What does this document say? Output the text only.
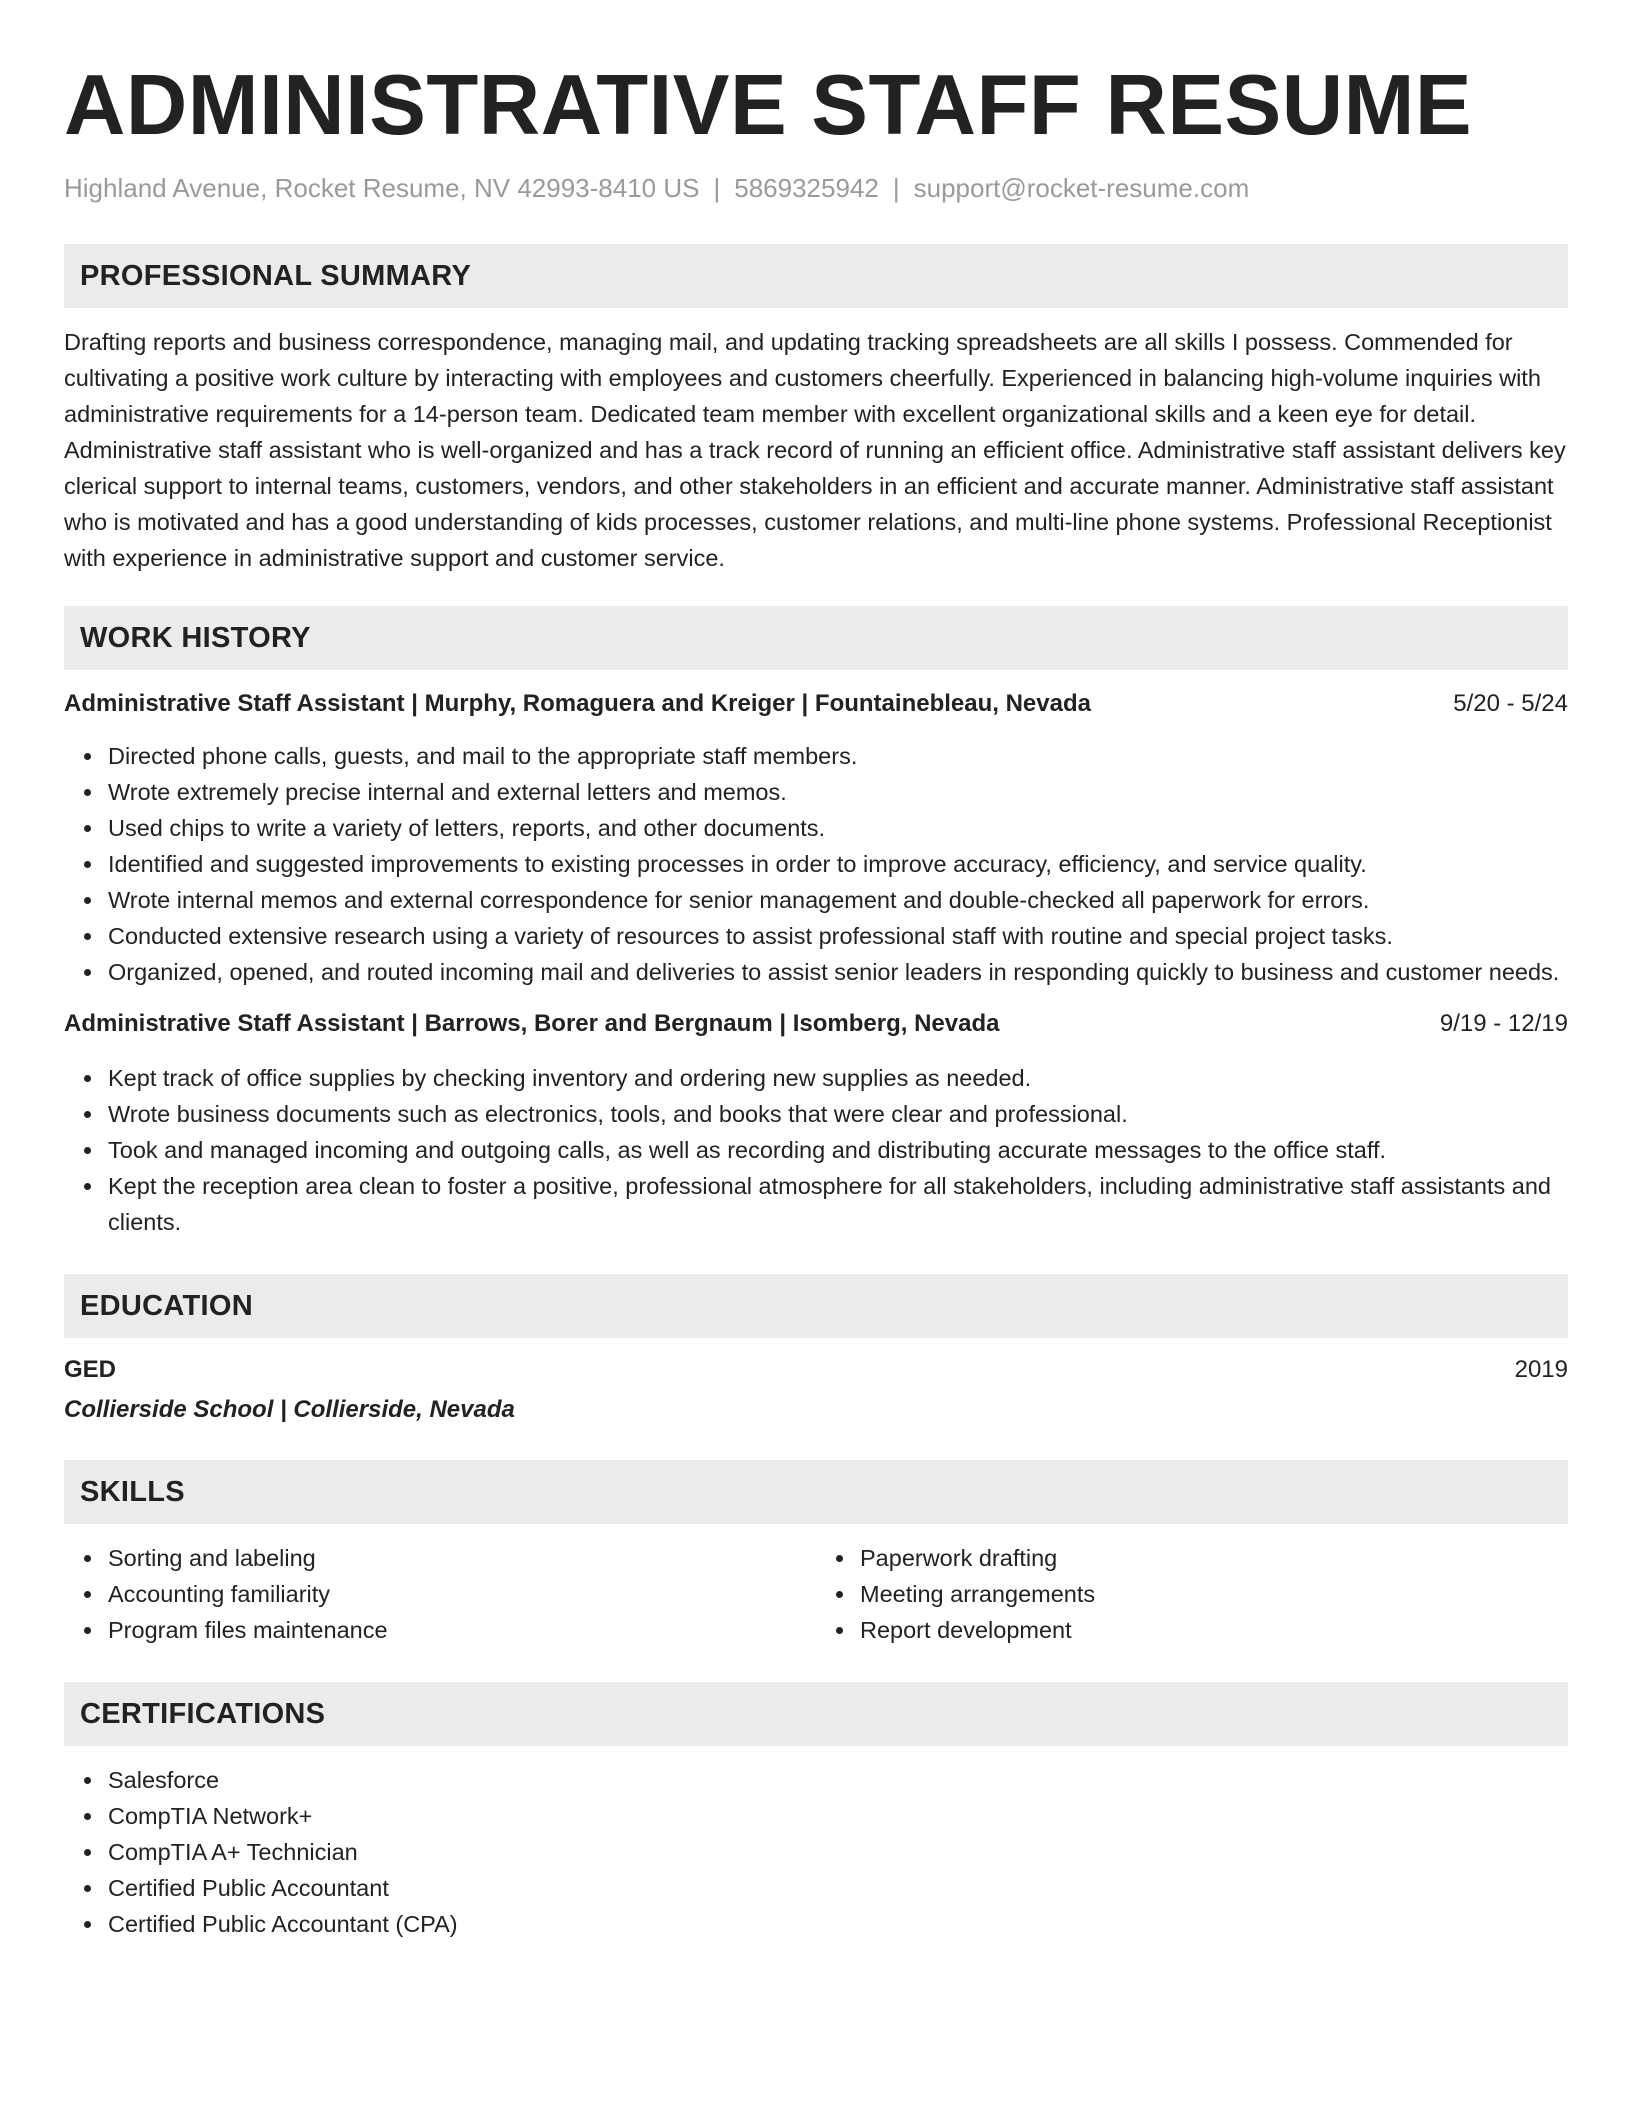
ADMINISTRATIVE STAFF RESUME
Highland Avenue, Rocket Resume, NV 42993-8410 US | 5869325942 | support@rocket-resume.com
PROFESSIONAL SUMMARY
Drafting reports and business correspondence, managing mail, and updating tracking spreadsheets are all skills I possess. Commended for cultivating a positive work culture by interacting with employees and customers cheerfully. Experienced in balancing high-volume inquiries with administrative requirements for a 14-person team. Dedicated team member with excellent organizational skills and a keen eye for detail. Administrative staff assistant who is well-organized and has a track record of running an efficient office. Administrative staff assistant delivers key clerical support to internal teams, customers, vendors, and other stakeholders in an efficient and accurate manner. Administrative staff assistant who is motivated and has a good understanding of kids processes, customer relations, and multi-line phone systems. Professional Receptionist with experience in administrative support and customer service.
WORK HISTORY
Administrative Staff Assistant | Murphy, Romaguera and Kreiger | Fountainebleau, Nevada	5/20 - 5/24
Directed phone calls, guests, and mail to the appropriate staff members.
Wrote extremely precise internal and external letters and memos.
Used chips to write a variety of letters, reports, and other documents.
Identified and suggested improvements to existing processes in order to improve accuracy, efficiency, and service quality.
Wrote internal memos and external correspondence for senior management and double-checked all paperwork for errors.
Conducted extensive research using a variety of resources to assist professional staff with routine and special project tasks.
Organized, opened, and routed incoming mail and deliveries to assist senior leaders in responding quickly to business and customer needs.
Administrative Staff Assistant | Barrows, Borer and Bergnaum | Isomberg, Nevada	9/19 - 12/19
Kept track of office supplies by checking inventory and ordering new supplies as needed.
Wrote business documents such as electronics, tools, and books that were clear and professional.
Took and managed incoming and outgoing calls, as well as recording and distributing accurate messages to the office staff.
Kept the reception area clean to foster a positive, professional atmosphere for all stakeholders, including administrative staff assistants and clients.
EDUCATION
GED	2019
Collierside School | Collierside, Nevada
SKILLS
Sorting and labeling
Accounting familiarity
Program files maintenance
Paperwork drafting
Meeting arrangements
Report development
CERTIFICATIONS
Salesforce
CompTIA Network+
CompTIA A+ Technician
Certified Public Accountant
Certified Public Accountant (CPA)
